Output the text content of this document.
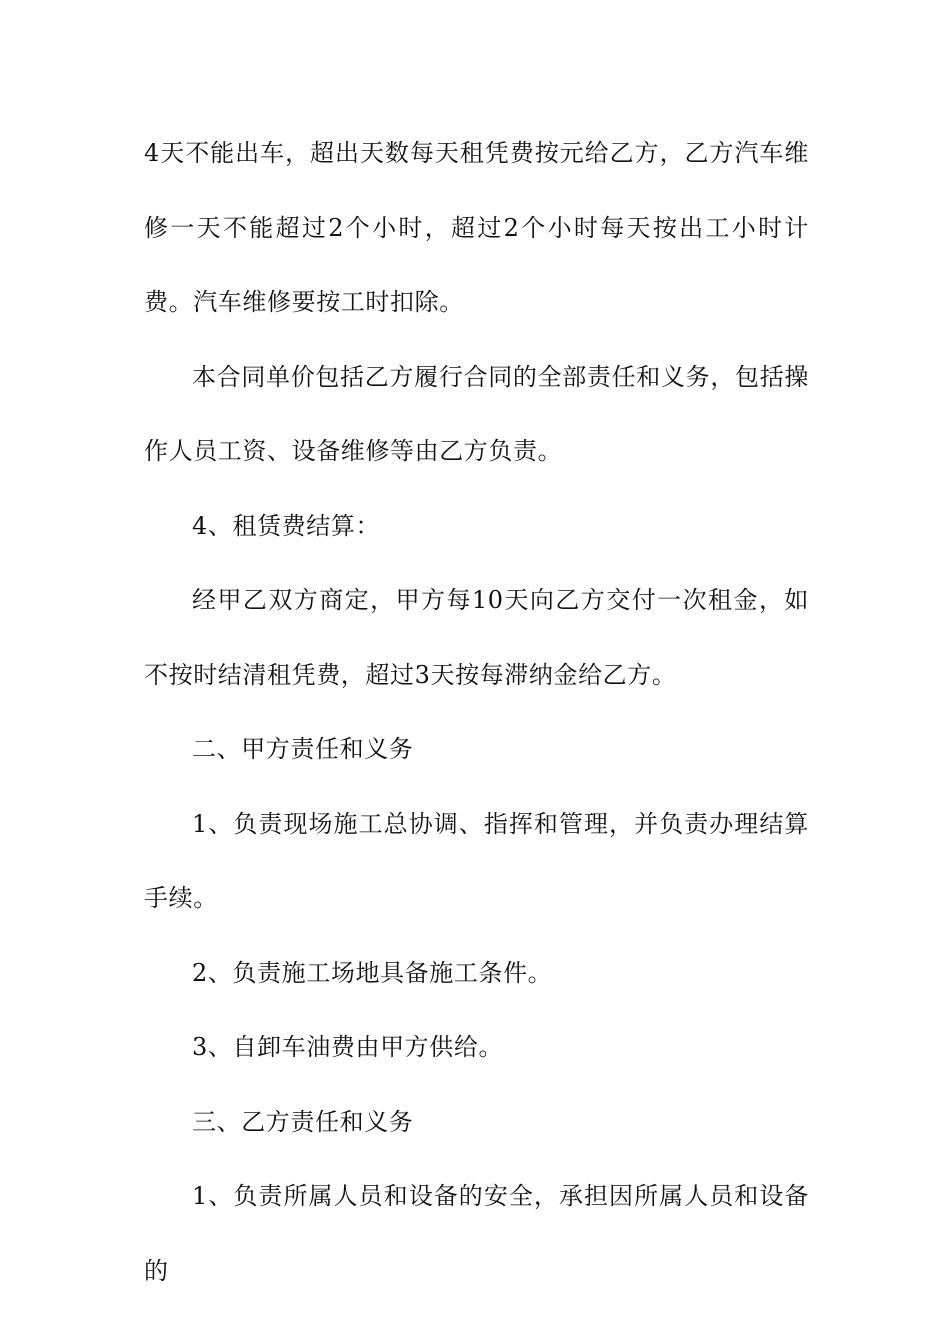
4天不能出车，超出天数每天租凭费按元给乙方，乙方汽车维修一天不能超过2个小时，超过2个小时每天按出工小时计费。汽车维修要按工时扣除。

本合同单价包括乙方履行合同的全部责任和义务，包括操作人员工资、设备维修等由乙方负责。

4、租赁费结算：

经甲乙双方商定，甲方每10天向乙方交付一次租金，如不按时结清租凭费，超过3天按每滞纳金给乙方。

二、甲方责任和义务

1、负责现场施工总协调、指挥和管理，并负责办理结算手续。

2、负责施工场地具备施工条件。

3、自卸车油费由甲方供给。

三、乙方责任和义务

1、负责所属人员和设备的安全，承担因所属人员和设备的
